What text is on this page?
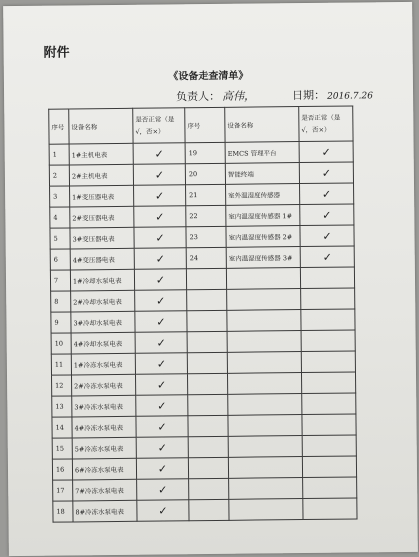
附件
《设备走查清单》
负责人： 高伟，	日期： 2016.7.26
序号	设备名称	是否正常（是√，否×）	序号	设备名称	是否正常（是√，否×）
1	1#主机电表	✓	19	EMCS 管理平台	✓
2	2#主机电表	✓	20	智能终端	✓
3	1#变压器电表	✓	21	室外温湿度传感器	✓
4	2#变压器电表	✓	22	室内温湿度传感器 1#	✓
5	3#变压器电表	✓	23	室内温湿度传感器 2#	✓
6	4#变压器电表	✓	24	室内温湿度传感器 3#	✓
7	1#冷却水泵电表	✓			
8	2#冷却水泵电表	✓			
9	3#冷却水泵电表	✓			
10	4#冷却水泵电表	✓			
11	1#冷冻水泵电表	✓			
12	2#冷冻水泵电表	✓			
13	3#冷冻水泵电表	✓			
14	4#冷冻水泵电表	✓			
15	5#冷冻水泵电表	✓			
16	6#冷冻水泵电表	✓			
17	7#冷冻水泵电表	✓			
18	8#冷冻水泵电表	✓			
